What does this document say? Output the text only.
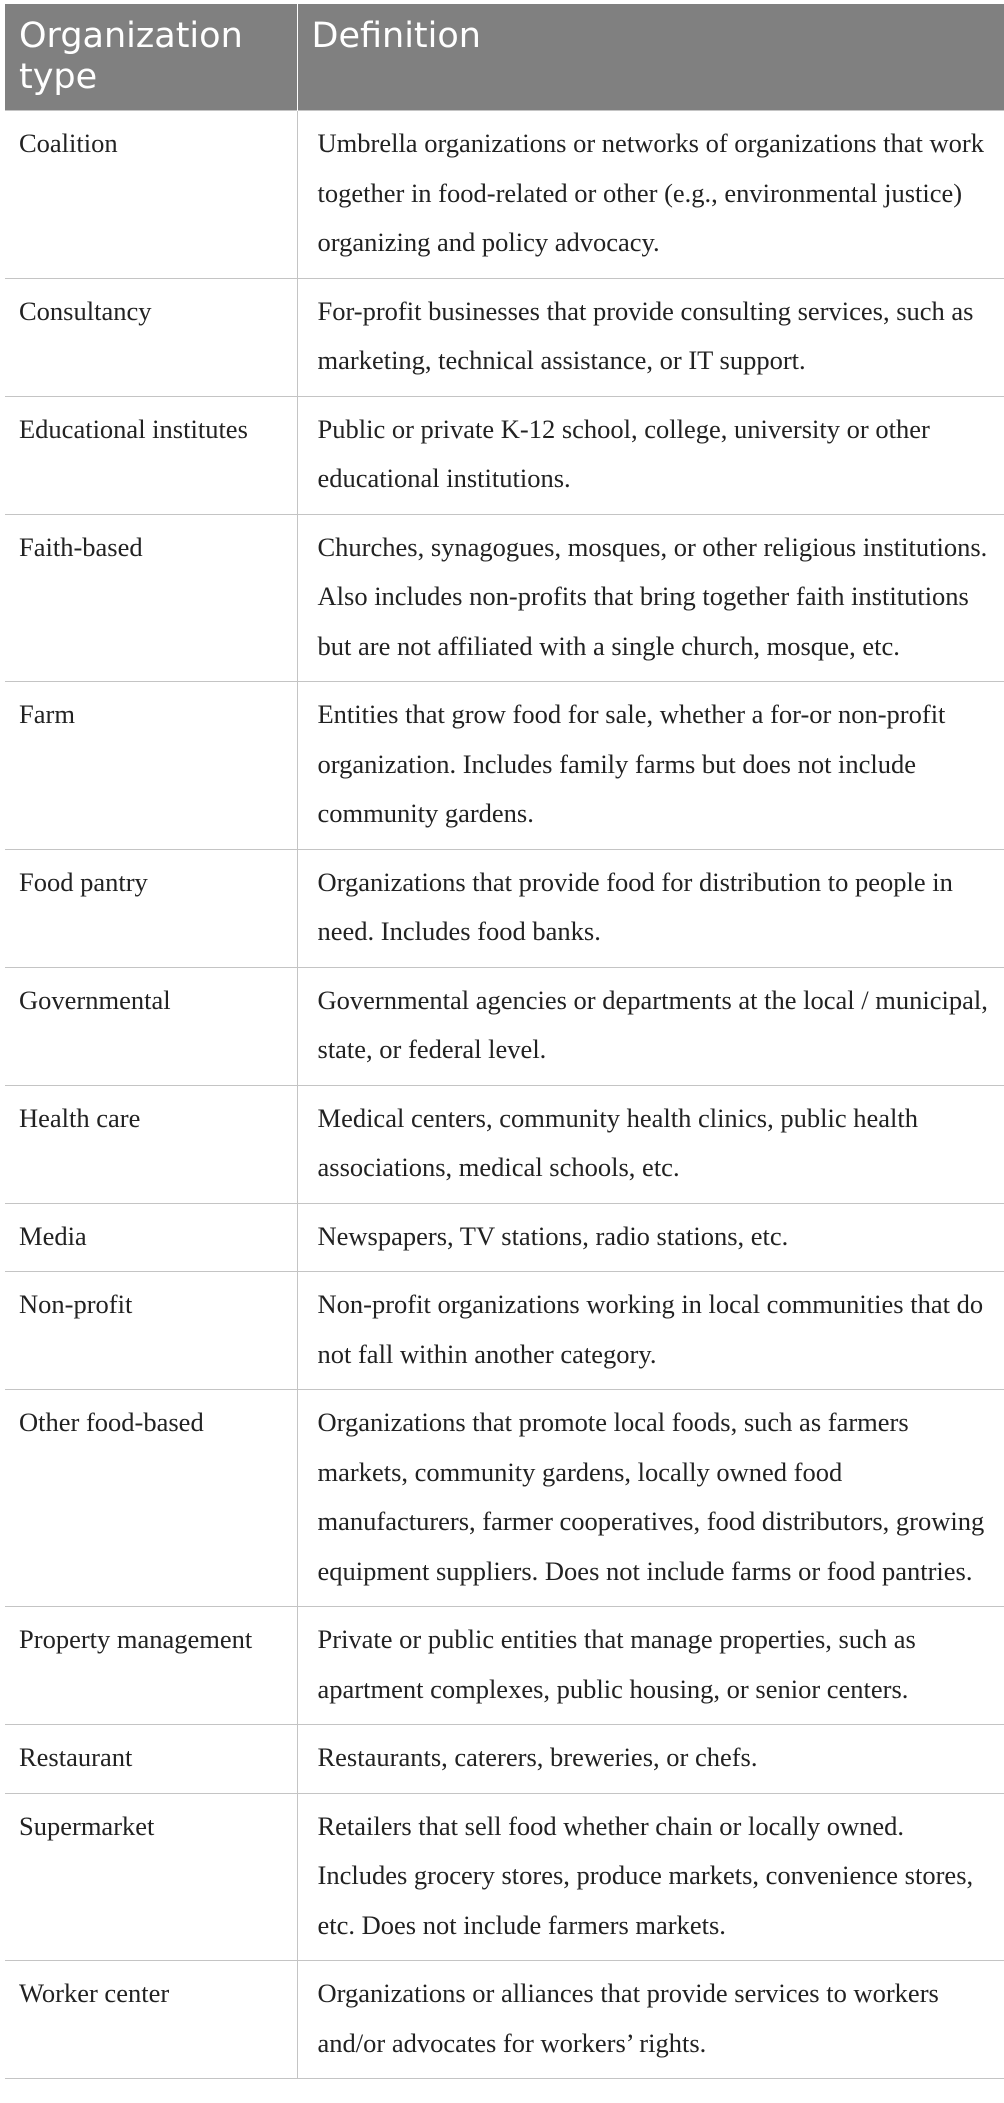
Organization type	Definition
Coalition	Umbrella organizations or networks of organizations that work together in food-related or other (e.g., environmental justice) organizing and policy advocacy.
Consultancy	For-profit businesses that provide consulting services, such as marketing, technical assistance, or IT support.
Educational institutes	Public or private K-12 school, college, university or other educational institutions.
Faith-based	Churches, synagogues, mosques, or other religious institutions. Also includes non-profits that bring together faith institutions but are not affiliated with a single church, mosque, etc.
Farm	Entities that grow food for sale, whether a for-or non-profit organization. Includes family farms but does not include community gardens.
Food pantry	Organizations that provide food for distribution to people in need. Includes food banks.
Governmental	Governmental agencies or departments at the local / municipal, state, or federal level.
Health care	Medical centers, community health clinics, public health associations, medical schools, etc.
Media	Newspapers, TV stations, radio stations, etc.
Non-profit	Non-profit organizations working in local communities that do not fall within another category.
Other food-based	Organizations that promote local foods, such as farmers markets, community gardens, locally owned food manufacturers, farmer cooperatives, food distributors, growing equipment suppliers. Does not include farms or food pantries.
Property management	Private or public entities that manage properties, such as apartment complexes, public housing, or senior centers.
Restaurant	Restaurants, caterers, breweries, or chefs.
Supermarket	Retailers that sell food whether chain or locally owned. Includes grocery stores, produce markets, convenience stores, etc. Does not include farmers markets.
Worker center	Organizations or alliances that provide services to workers and/or advocates for workers’ rights.
